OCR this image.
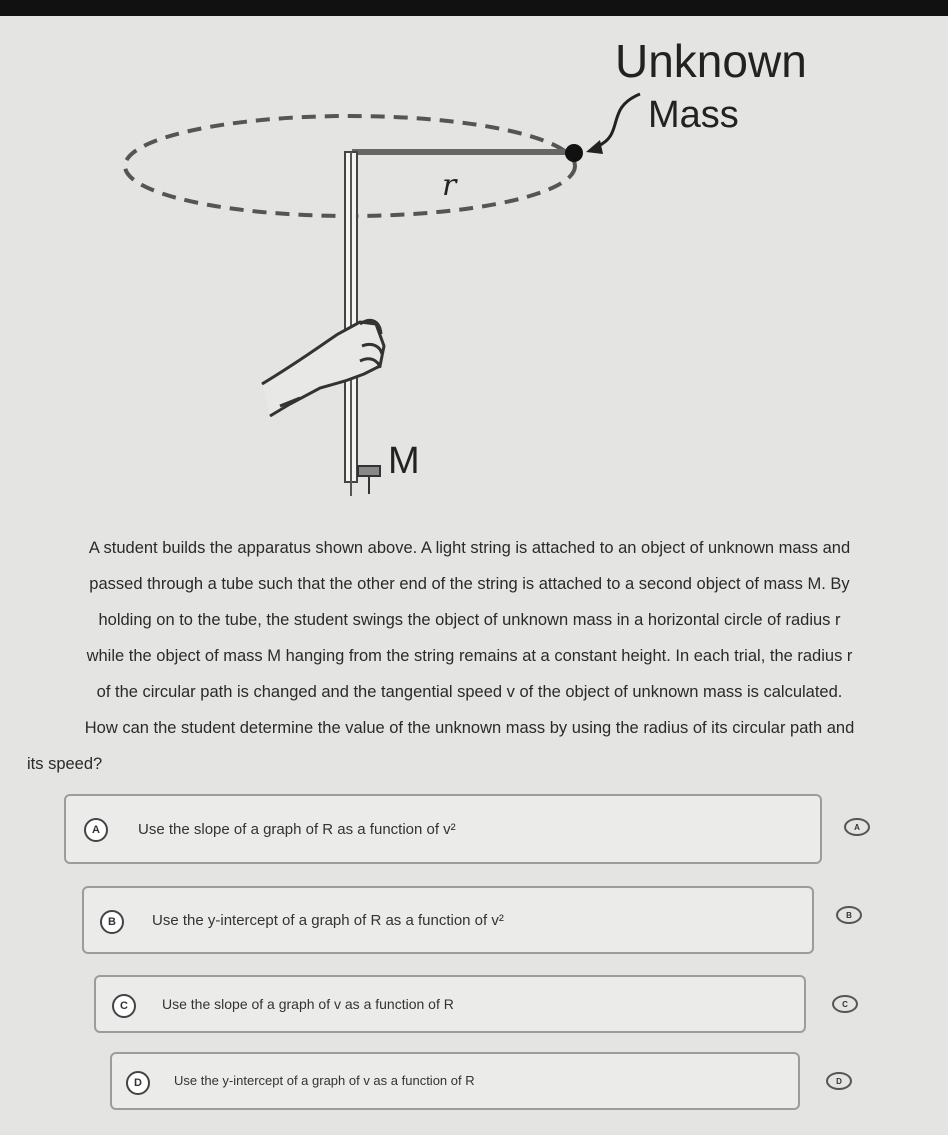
Unknown
Mass
r
M
A student builds the apparatus shown above. A light string is attached to an object of unknown mass and
passed through a tube such that the other end of the string is attached to a second object of mass M. By
holding on to the tube, the student swings the object of unknown mass in a horizontal circle of radius r
while the object of mass M hanging from the string remains at a constant height. In each trial, the radius r
of the circular path is changed and the tangential speed v of the object of unknown mass is calculated.
How can the student determine the value of the unknown mass by using the radius of its circular path and
its speed?
A	Use the slope of a graph of R as a function of v²	A
B	Use the y-intercept of a graph of R as a function of v²	B
C	Use the slope of a graph of v as a function of R	C
D	Use the y-intercept of a graph of v as a function of R	D
